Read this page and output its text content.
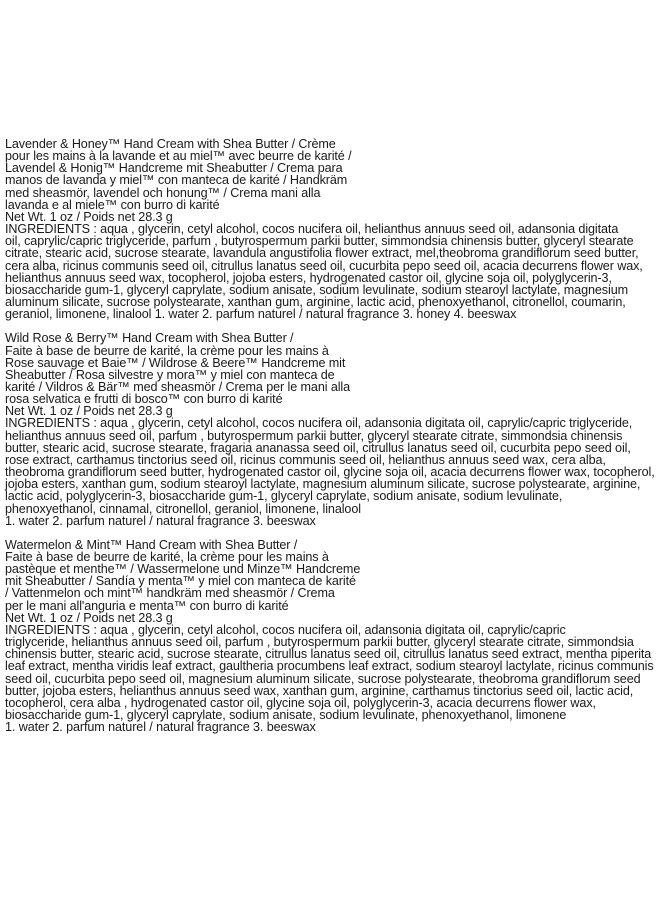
Lavender & Honey™ Hand Cream with Shea Butter / Crème
pour les mains à la lavande et au miel™ avec beurre de karité /
Lavendel & Honig™ Handcreme mit Sheabutter / Crema para
manos de lavanda y miel™ con manteca de karité / Handkräm
med sheasmör, lavendel och honung™ / Crema mani alla
lavanda e al miele™ con burro di karité
Net Wt. 1 oz / Poids net 28.3 g
INGREDIENTS : aqua , glycerin, cetyl alcohol, cocos nucifera oil, helianthus annuus seed oil, adansonia digitata
oil, caprylic/capric triglyceride, parfum , butyrospermum parkii butter, simmondsia chinensis butter, glyceryl stearate
citrate, stearic acid, sucrose stearate, lavandula angustifolia flower extract, mel,theobroma grandiflorum seed butter,
cera alba, ricinus communis seed oil, citrullus lanatus seed oil, cucurbita pepo seed oil, acacia decurrens flower wax,
helianthus annuus seed wax, tocopherol, jojoba esters, hydrogenated castor oil, glycine soja oil, polyglycerin-3,
biosaccharide gum-1, glyceryl caprylate, sodium anisate, sodium levulinate, sodium stearoyl lactylate, magnesium
aluminum silicate, sucrose polystearate, xanthan gum, arginine, lactic acid, phenoxyethanol, citronellol, coumarin,
geraniol, limonene, linalool 1. water 2. parfum naturel / natural fragrance 3. honey 4. beeswax
Wild Rose & Berry™ Hand Cream with Shea Butter /
Faite à base de beurre de karité, la crème pour les mains à
Rose sauvage et Baie™ / Wildrose & Beere™ Handcreme mit
Sheabutter / Rosa silvestre y mora™ y miel con manteca de
karité / Vildros & Bär™ med sheasmör / Crema per le mani alla
rosa selvatica e frutti di bosco™ con burro di karité
Net Wt. 1 oz / Poids net 28.3 g
INGREDIENTS : aqua , glycerin, cetyl alcohol, cocos nucifera oil, adansonia digitata oil, caprylic/capric triglyceride,
helianthus annuus seed oil, parfum , butyrospermum parkii butter, glyceryl stearate citrate, simmondsia chinensis
butter, stearic acid, sucrose stearate, fragaria ananassa seed oil, citrullus lanatus seed oil, cucurbita pepo seed oil,
rose extract, carthamus tinctorius seed oil, ricinus communis seed oil, helianthus annuus seed wax, cera alba,
theobroma grandiflorum seed butter, hydrogenated castor oil, glycine soja oil, acacia decurrens flower wax, tocopherol,
jojoba esters, xanthan gum, sodium stearoyl lactylate, magnesium aluminum silicate, sucrose polystearate, arginine,
lactic acid, polyglycerin-3, biosaccharide gum-1, glyceryl caprylate, sodium anisate, sodium levulinate,
phenoxyethanol, cinnamal, citronellol, geraniol, limonene, linalool
1. water 2. parfum naturel / natural fragrance 3. beeswax
Watermelon & Mint™ Hand Cream with Shea Butter /
Faite à base de beurre de karité, la crème pour les mains à
pastèque et menthe™ / Wassermelone und Minze™ Handcreme
mit Sheabutter / Sandía y menta™ y miel con manteca de karité
/ Vattenmelon och mint™ handkräm med sheasmör / Crema
per le mani all'anguria e menta™ con burro di karité
Net Wt. 1 oz / Poids net 28.3 g
INGREDIENTS : aqua , glycerin, cetyl alcohol, cocos nucifera oil, adansonia digitata oil, caprylic/capric
triglyceride, helianthus annuus seed oil, parfum , butyrospermum parkii butter, glyceryl stearate citrate, simmondsia
chinensis butter, stearic acid, sucrose stearate, citrullus lanatus seed oil, citrullus lanatus seed extract, mentha piperita
leaf extract, mentha viridis leaf extract, gaultheria procumbens leaf extract, sodium stearoyl lactylate, ricinus communis
seed oil, cucurbita pepo seed oil, magnesium aluminum silicate, sucrose polystearate, theobroma grandiflorum seed
butter, jojoba esters, helianthus annuus seed wax, xanthan gum, arginine, carthamus tinctorius seed oil, lactic acid,
tocopherol, cera alba , hydrogenated castor oil, glycine soja oil, polyglycerin-3, acacia decurrens flower wax,
biosaccharide gum-1, glyceryl caprylate, sodium anisate, sodium levulinate, phenoxyethanol, limonene
1. water 2. parfum naturel / natural fragrance 3. beeswax
